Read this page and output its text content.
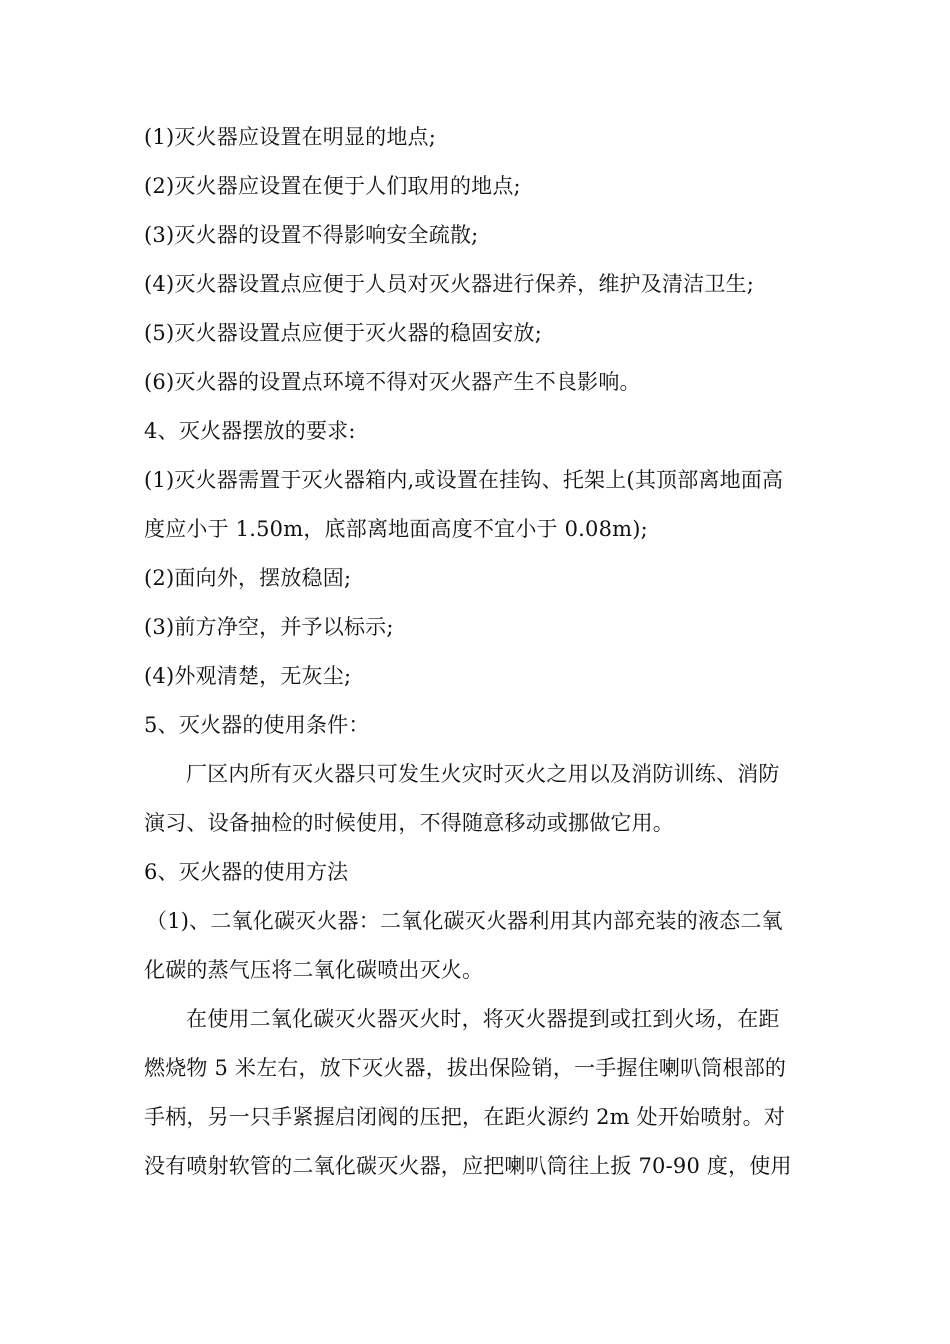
(1)灭火器应设置在明显的地点;
(2)灭火器应设置在便于人们取用的地点;
(3)灭火器的设置不得影响安全疏散;
(4)灭火器设置点应便于人员对灭火器进行保养，维护及清洁卫生;
(5)灭火器设置点应便于灭火器的稳固安放;
(6)灭火器的设置点环境不得对灭火器产生不良影响。
4、灭火器摆放的要求:
(1)灭火器需置于灭火器箱内,或设置在挂钩、托架上(其顶部离地面高
度应小于 1.50m，底部离地面高度不宜小于 0.08m);
(2)面向外，摆放稳固;
(3)前方净空，并予以标示;
(4)外观清楚，无灰尘;
5、灭火器的使用条件：
厂区内所有灭火器只可发生火灾时灭火之用以及消防训练、消防
演习、设备抽检的时候使用，不得随意移动或挪做它用。
6、灭火器的使用方法
（1)、二氧化碳灭火器：二氧化碳灭火器利用其内部充装的液态二氧
化碳的蒸气压将二氧化碳喷出灭火。
在使用二氧化碳灭火器灭火时，将灭火器提到或扛到火场，在距
燃烧物 5 米左右，放下灭火器，拔出保险销，一手握住喇叭筒根部的
手柄，另一只手紧握启闭阀的压把，在距火源约 2m 处开始喷射。对
没有喷射软管的二氧化碳灭火器，应把喇叭筒往上扳 70-90 度，使用
